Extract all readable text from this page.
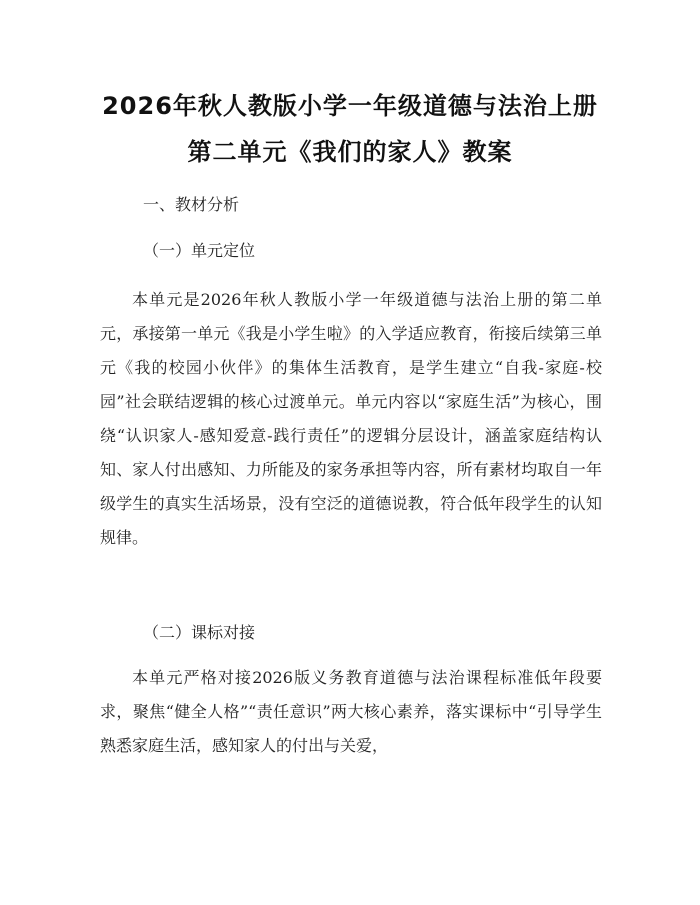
2026年秋人教版小学一年级道德与法治上册
第二单元《我们的家人》教案
一、教材分析
（一）单元定位
本单元是2026年秋人教版小学一年级道德与法治上册的第二单元，承接第一单元《我是小学生啦》的入学适应教育，衔接后续第三单元《我的校园小伙伴》的集体生活教育，是学生建立“自我-家庭-校园”社会联结逻辑的核心过渡单元。单元内容以“家庭生活”为核心，围绕“认识家人-感知爱意-践行责任”的逻辑分层设计，涵盖家庭结构认知、家人付出感知、力所能及的家务承担等内容，所有素材均取自一年级学生的真实生活场景，没有空泛的道德说教，符合低年段学生的认知规律。
（二）课标对接
本单元严格对接2026版义务教育道德与法治课程标准低年段要求，聚焦“健全人格”“责任意识”两大核心素养，落实课标中“引导学生熟悉家庭生活，感知家人的付出与关爱，
